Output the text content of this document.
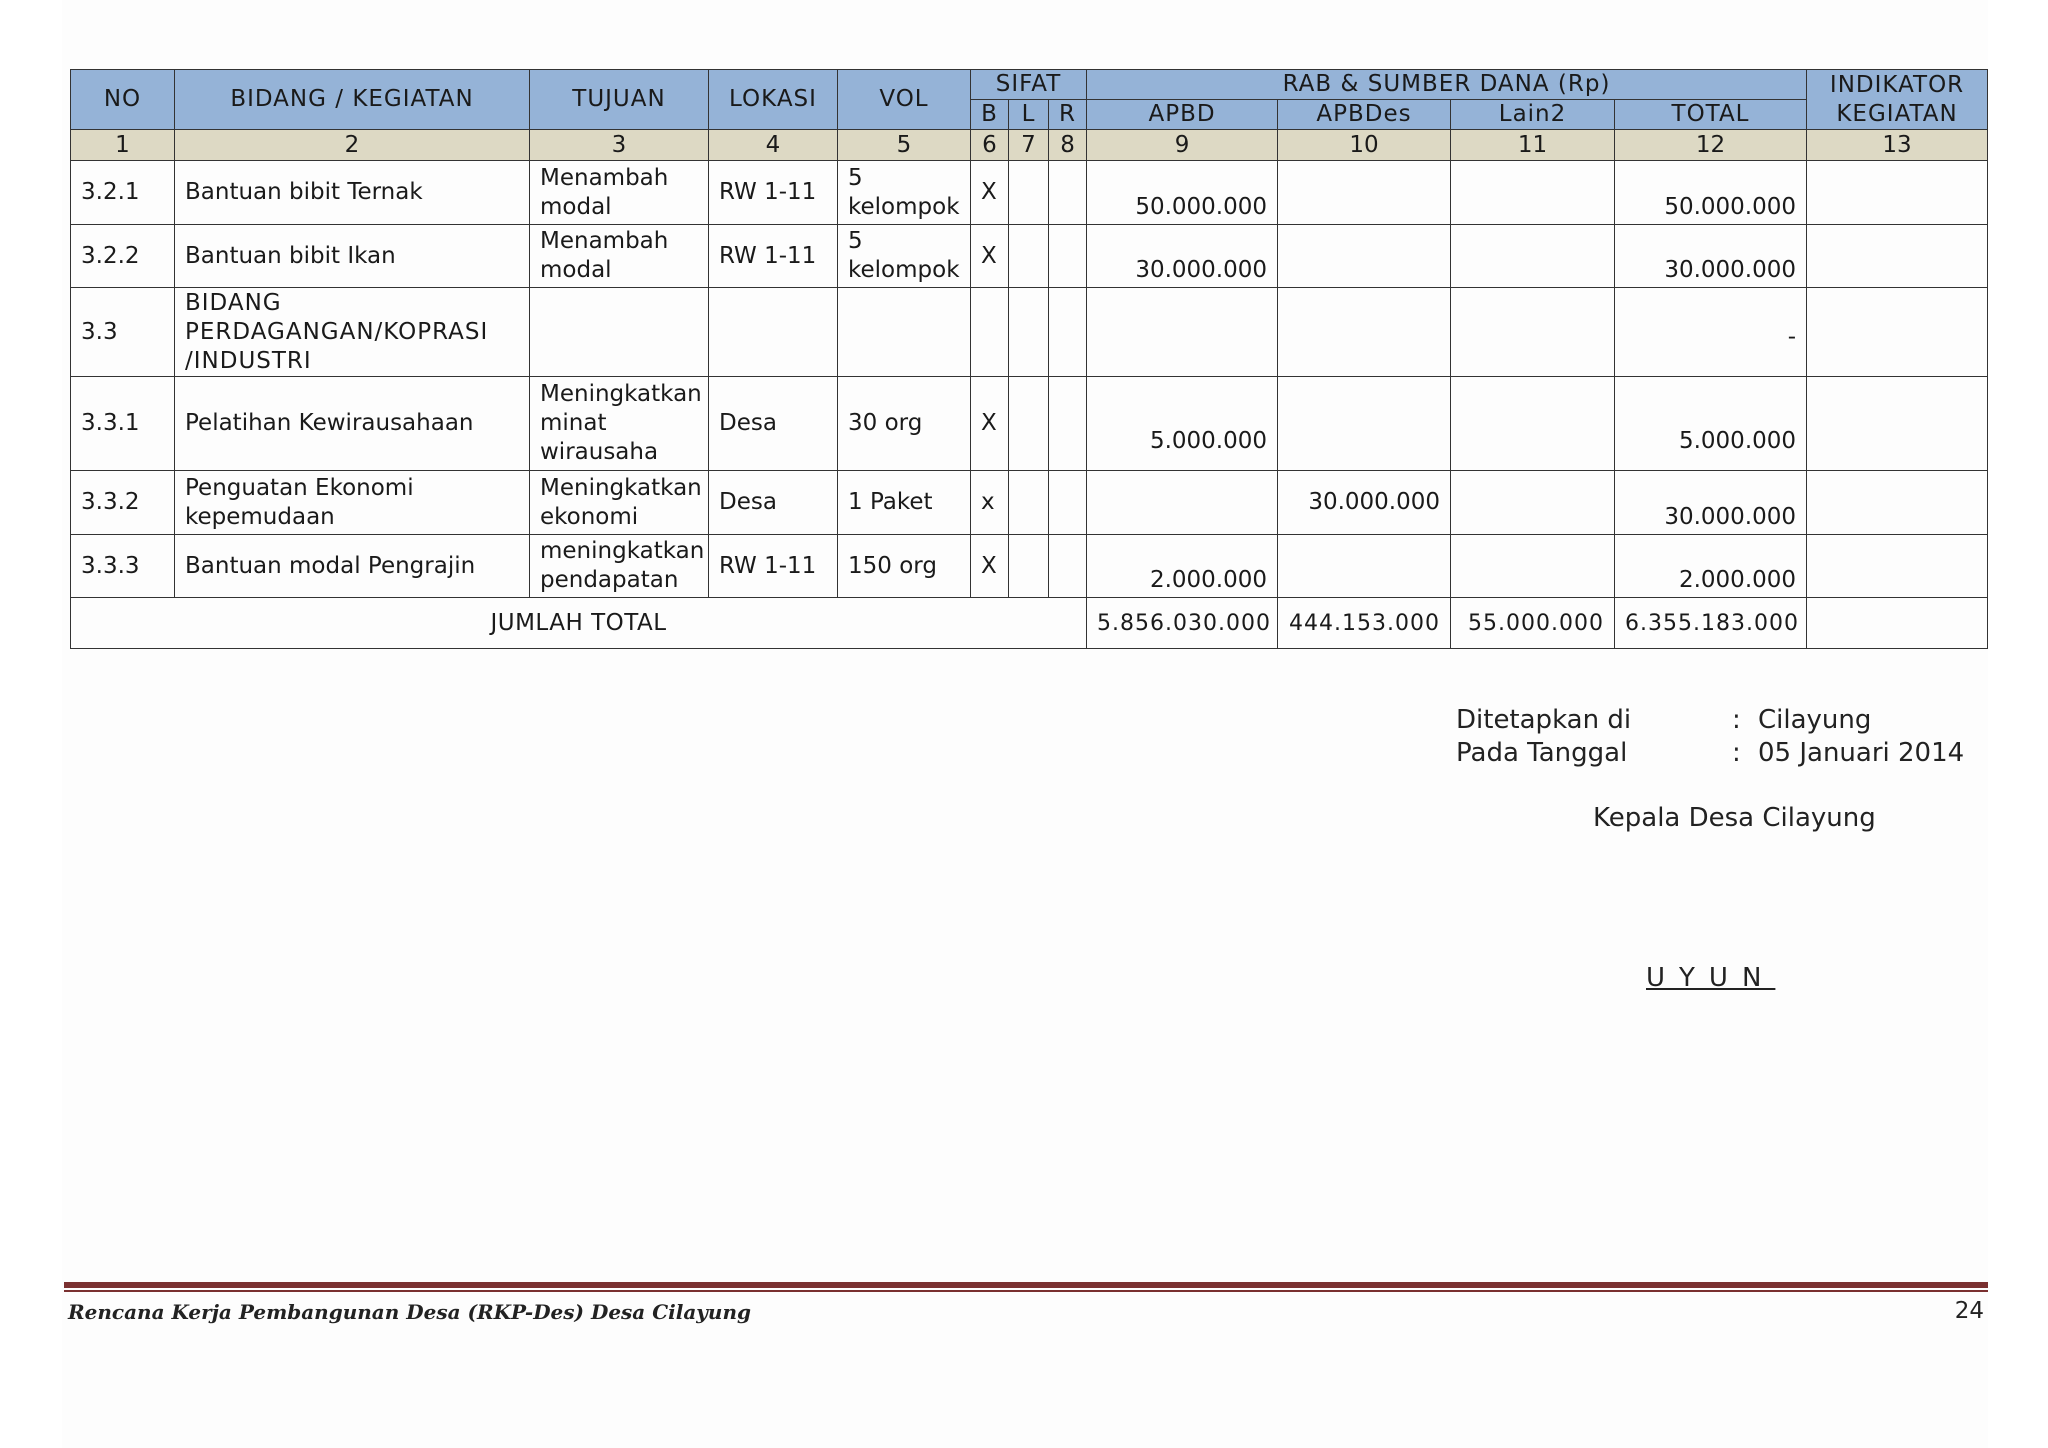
NO	BIDANG / KEGIATAN	TUJUAN	LOKASI	VOL	SIFAT			RAB & SUMBER DANA (Rp)				INDIKATOR
KEGIATAN
					B	L	R	APBD	APBDes	Lain2	TOTAL	
1	2	3	4	5	6	7	8	9	10	11	12	13
3.2.1	Bantuan bibit Ternak	Menambah modal	RW 1-11	5 kelompok	X			50.000.000			50.000.000	
3.2.2	Bantuan bibit Ikan	Menambah modal	RW 1-11	5 kelompok	X			30.000.000			30.000.000	
3.3	BIDANG PERDAGANGAN/KOPRASI /INDUSTRI										-	
3.3.1	Pelatihan Kewirausahaan	Meningkatkan minat wirausaha	Desa	30 org	X			5.000.000			5.000.000	
3.3.2	Penguatan Ekonomi kepemudaan	Meningkatkan ekonomi	Desa	1 Paket	x				30.000.000		30.000.000	
3.3.3	Bantuan modal Pengrajin	meningkatkan pendapatan	RW 1-11	150 org	X			2.000.000			2.000.000	
JUMLAH TOTAL								5.856.030.000	444.153.000	55.000.000	6.355.183.000	
Ditetapkan di	: Cilayung
Pada Tanggal	: 05 Januari 2014
Kepala Desa Cilayung
UYUN
Rencana Kerja Pembangunan Desa (RKP-Des) Desa Cilayung	24
